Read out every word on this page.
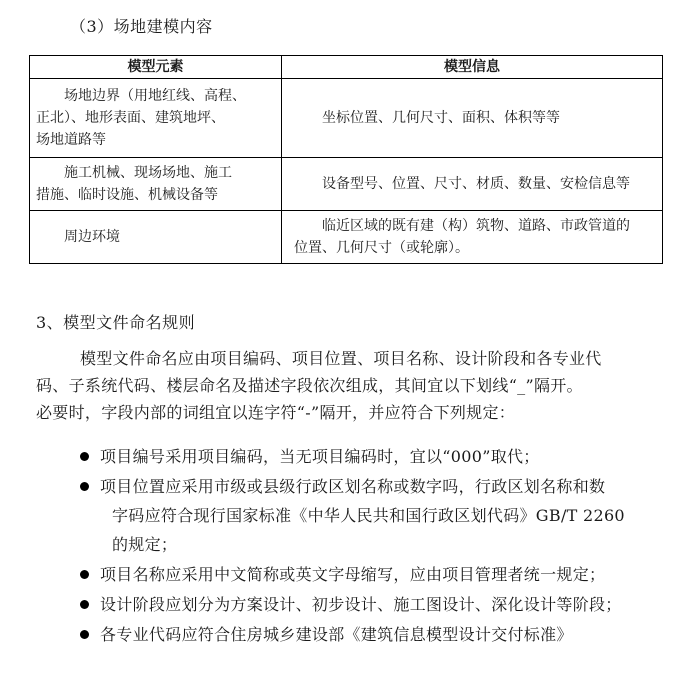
（3）场地建模内容
模型元素	模型信息
场地边界（用地红线、高程、
正北）、地形表面、建筑地坪、
场地道路等	坐标位置、几何尺寸、面积、体积等等
施工机械、现场场地、施工
措施、临时设施、机械设备等	设备型号、位置、尺寸、材质、数量、安检信息等
周边环境	临近区域的既有建（构）筑物、道路、市政管道的
位置、几何尺寸（或轮廓）。
3、模型文件命名规则
模型文件命名应由项目编码、项目位置、项目名称、设计阶段和各专业代
码、子系统代码、楼层命名及描述字段依次组成，其间宜以下划线“_”隔开。
必要时，字段内部的词组宜以连字符“-”隔开，并应符合下列规定：
项目编号采用项目编码，当无项目编码时，宜以“000”取代；
项目位置应采用市级或县级行政区划名称或数字吗，行政区划名称和数
字码应符合现行国家标准《中华人民共和国行政区划代码》GB/T 2260
的规定；
项目名称应采用中文简称或英文字母缩写，应由项目管理者统一规定；
设计阶段应划分为方案设计、初步设计、施工图设计、深化设计等阶段；
各专业代码应符合住房城乡建设部《建筑信息模型设计交付标准》
